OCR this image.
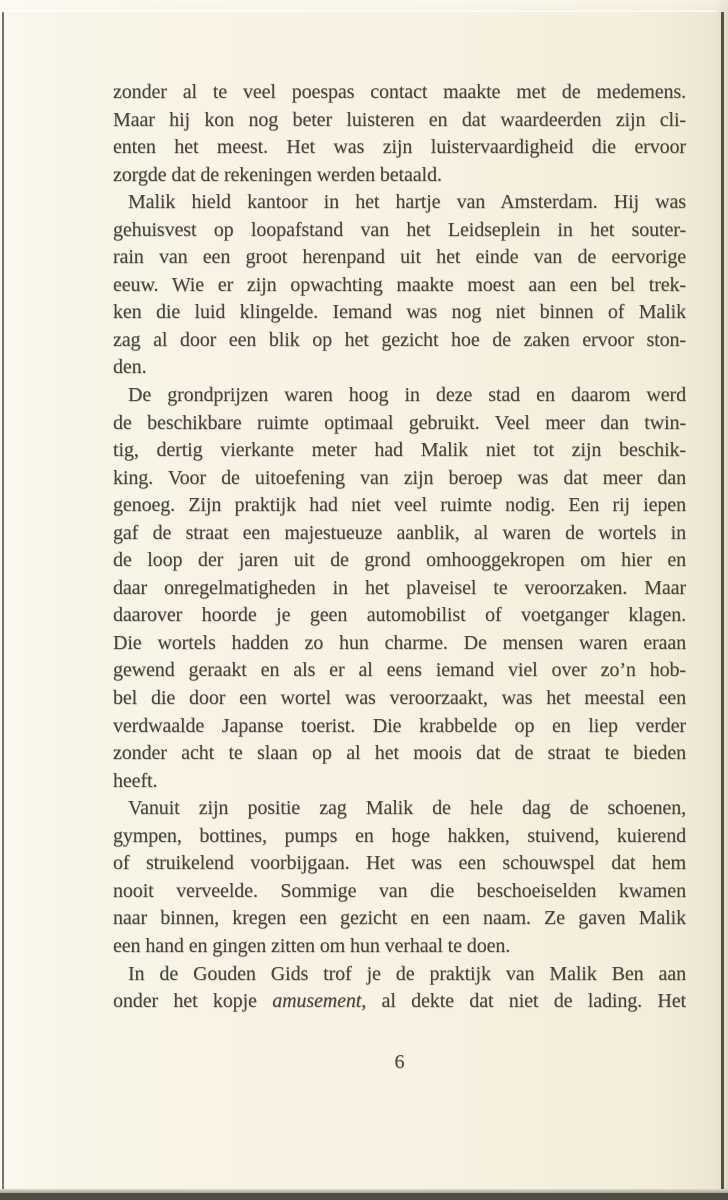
zonder al te veel poespas contact maakte met de medemens.
Maar hij kon nog beter luisteren en dat waardeerden zijn cli-
enten het meest. Het was zijn luistervaardigheid die ervoor
zorgde dat de rekeningen werden betaald.
Malik hield kantoor in het hartje van Amsterdam. Hij was
gehuisvest op loopafstand van het Leidseplein in het souter-
rain van een groot herenpand uit het einde van de eervorige
eeuw. Wie er zijn opwachting maakte moest aan een bel trek-
ken die luid klingelde. Iemand was nog niet binnen of Malik
zag al door een blik op het gezicht hoe de zaken ervoor ston-
den.
De grondprijzen waren hoog in deze stad en daarom werd
de beschikbare ruimte optimaal gebruikt. Veel meer dan twin-
tig, dertig vierkante meter had Malik niet tot zijn beschik-
king. Voor de uitoefening van zijn beroep was dat meer dan
genoeg. Zijn praktijk had niet veel ruimte nodig. Een rij iepen
gaf de straat een majestueuze aanblik, al waren de wortels in
de loop der jaren uit de grond omhooggekropen om hier en
daar onregelmatigheden in het plaveisel te veroorzaken. Maar
daarover hoorde je geen automobilist of voetganger klagen.
Die wortels hadden zo hun charme. De mensen waren eraan
gewend geraakt en als er al eens iemand viel over zo’n hob-
bel die door een wortel was veroorzaakt, was het meestal een
verdwaalde Japanse toerist. Die krabbelde op en liep verder
zonder acht te slaan op al het moois dat de straat te bieden
heeft.
Vanuit zijn positie zag Malik de hele dag de schoenen,
gympen, bottines, pumps en hoge hakken, stuivend, kuierend
of struikelend voorbijgaan. Het was een schouwspel dat hem
nooit verveelde. Sommige van die beschoeiselden kwamen
naar binnen, kregen een gezicht en een naam. Ze gaven Malik
een hand en gingen zitten om hun verhaal te doen.
In de Gouden Gids trof je de praktijk van Malik Ben aan
onder het kopje amusement, al dekte dat niet de lading. Het
6
